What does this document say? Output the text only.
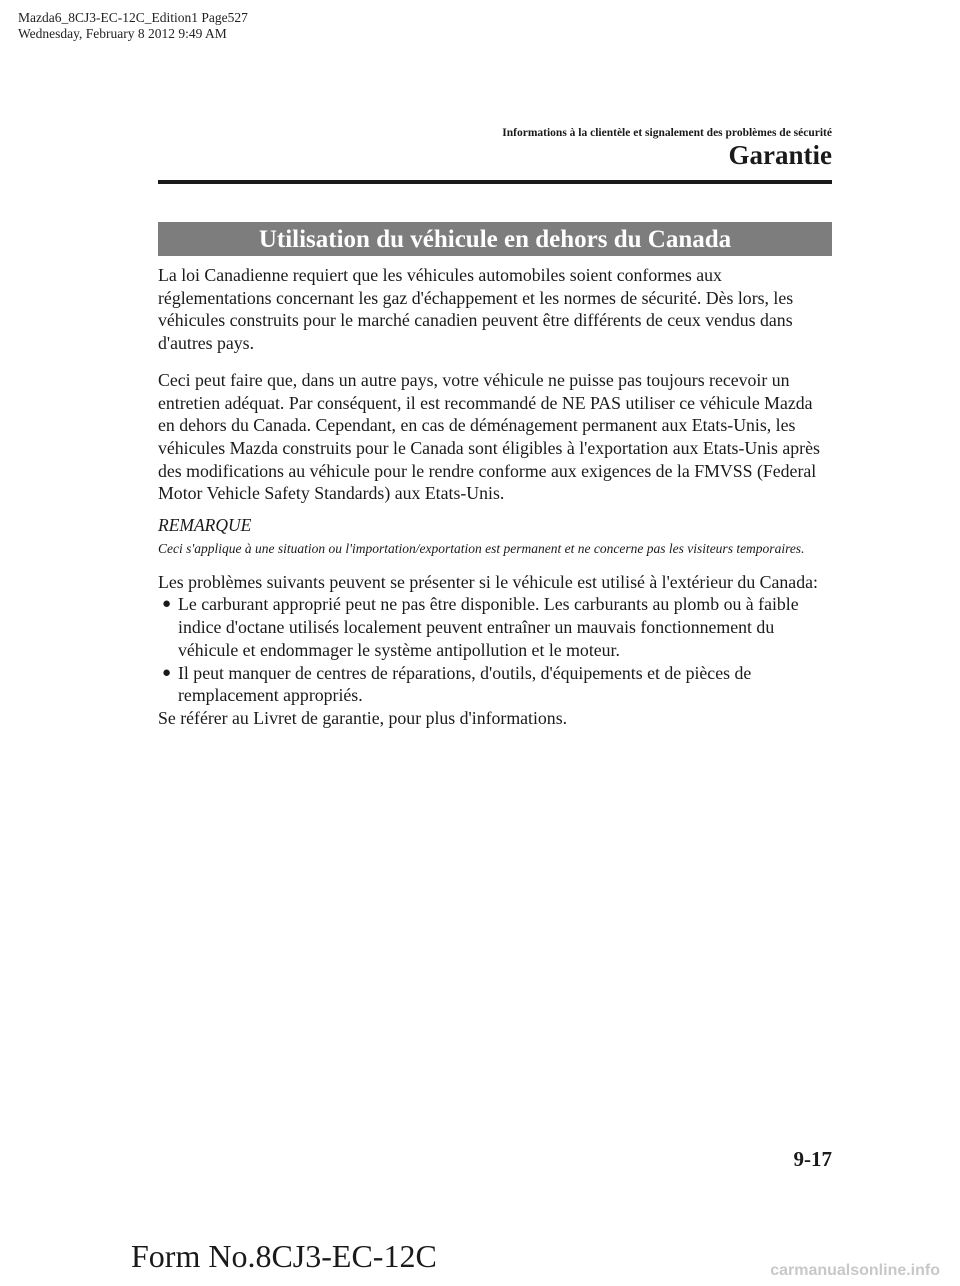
Mazda6_8CJ3-EC-12C_Edition1 Page527
Wednesday, February 8 2012 9:49 AM
Informations à la clientèle et signalement des problèmes de sécurité
Garantie
Utilisation du véhicule en dehors du Canada

La loi Canadienne requiert que les véhicules automobiles soient conformes aux réglementations concernant les gaz d'échappement et les normes de sécurité. Dès lors, les véhicules construits pour le marché canadien peuvent être différents de ceux vendus dans d'autres pays.

Ceci peut faire que, dans un autre pays, votre véhicule ne puisse pas toujours recevoir un entretien adéquat. Par conséquent, il est recommandé de NE PAS utiliser ce véhicule Mazda en dehors du Canada. Cependant, en cas de déménagement permanent aux Etats-Unis, les véhicules Mazda construits pour le Canada sont éligibles à l'exportation aux Etats-Unis après des modifications au véhicule pour le rendre conforme aux exigences de la FMVSS (Federal Motor Vehicle Safety Standards) aux Etats-Unis.

REMARQUE

Ceci s'applique à une situation ou l'importation/exportation est permanent et ne concerne pas les visiteurs temporaires.

Les problèmes suivants peuvent se présenter si le véhicule est utilisé à l'extérieur du Canada:

● Le carburant approprié peut ne pas être disponible. Les carburants au plomb ou à faible indice d'octane utilisés localement peuvent entraîner un mauvais fonctionnement du véhicule et endommager le système antipollution et le moteur.
● Il peut manquer de centres de réparations, d'outils, d'équipements et de pièces de remplacement appropriés.

Se référer au Livret de garantie, pour plus d'informations.

9-17
Form No.8CJ3-EC-12C	carmanualsonline.info
